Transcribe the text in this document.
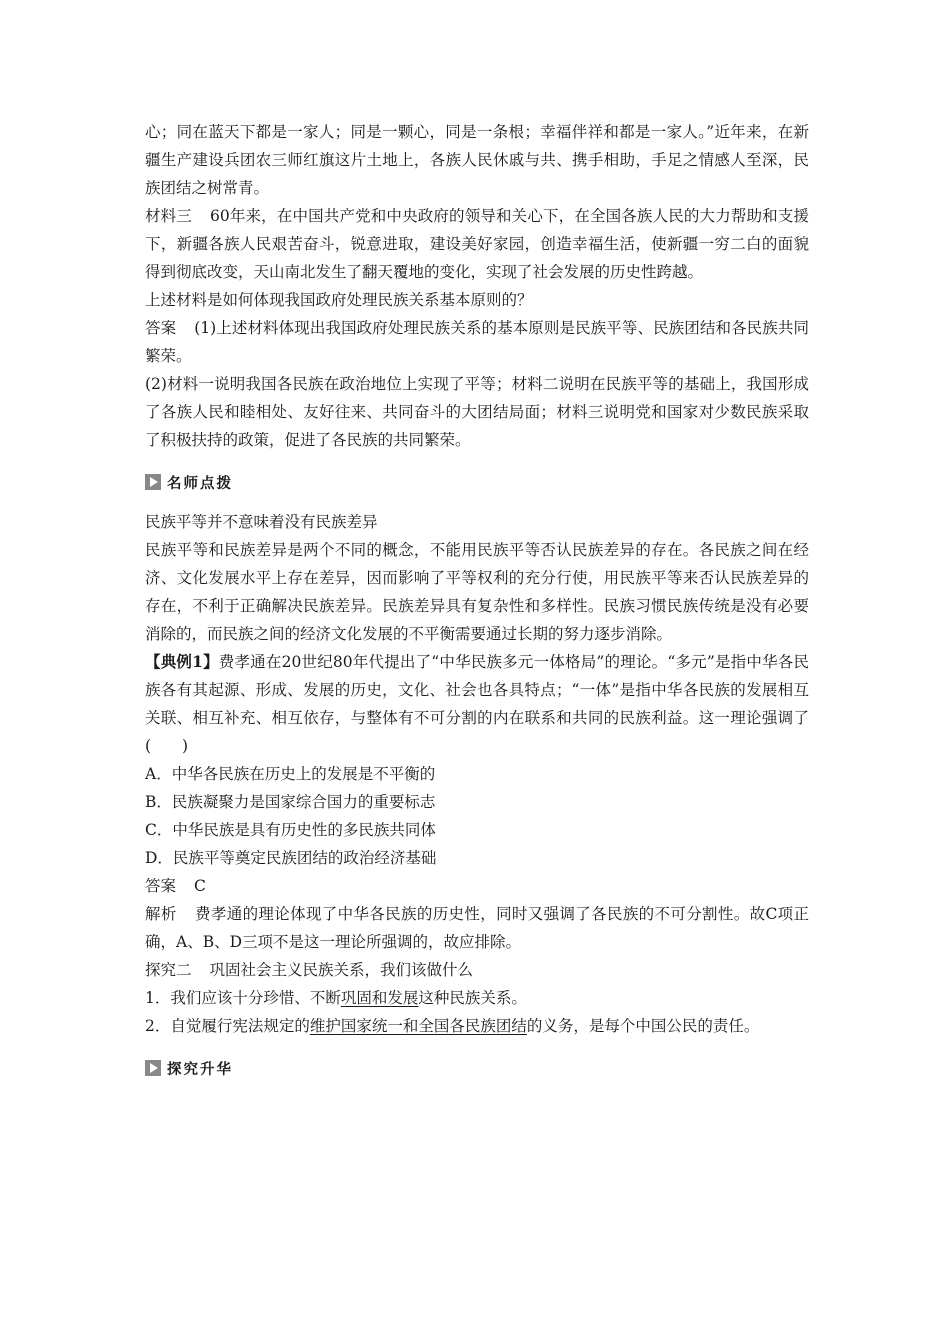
心；同在蓝天下都是一家人；同是一颗心，同是一条根；幸福伴祥和都是一家人。”近年来，在新疆生产建设兵团农三师红旗这片土地上，各族人民休戚与共、携手相助，手足之情感人至深，民族团结之树常青。

材料三 60年来，在中国共产党和中央政府的领导和关心下，在全国各族人民的大力帮助和支援下，新疆各族人民艰苦奋斗，锐意进取，建设美好家园，创造幸福生活，使新疆一穷二白的面貌得到彻底改变，天山南北发生了翻天覆地的变化，实现了社会发展的历史性跨越。

上述材料是如何体现我国政府处理民族关系基本原则的？

答案 (1)上述材料体现出我国政府处理民族关系的基本原则是民族平等、民族团结和各民族共同繁荣。

(2)材料一说明我国各民族在政治地位上实现了平等；材料二说明在民族平等的基础上，我国形成了各族人民和睦相处、友好往来、共同奋斗的大团结局面；材料三说明党和国家对少数民族采取了积极扶持的政策，促进了各民族的共同繁荣。

名师点拨

民族平等并不意味着没有民族差异

民族平等和民族差异是两个不同的概念，不能用民族平等否认民族差异的存在。各民族之间在经济、文化发展水平上存在差异，因而影响了平等权利的充分行使，用民族平等来否认民族差异的存在，不利于正确解决民族差异。民族差异具有复杂性和多样性。民族习惯民族传统是没有必要消除的，而民族之间的经济文化发展的不平衡需要通过长期的努力逐步消除。

【典例1】费孝通在20世纪80年代提出了“中华民族多元一体格局”的理论。“多元”是指中华各民族各有其起源、形成、发展的历史，文化、社会也各具特点；“一体”是指中华各民族的发展相互关联、相互补充、相互依存，与整体有不可分割的内在联系和共同的民族利益。这一理论强调了(　　)

A．中华各民族在历史上的发展是不平衡的

B．民族凝聚力是国家综合国力的重要标志

C．中华民族是具有历史性的多民族共同体

D．民族平等奠定民族团结的政治经济基础

答案 C

解析 费孝通的理论体现了中华各民族的历史性，同时又强调了各民族的不可分割性。故C项正确，A、B、D三项不是这一理论所强调的，故应排除。

探究二 巩固社会主义民族关系，我们该做什么

1．我们应该十分珍惜、不断巩固和发展这种民族关系。

2．自觉履行宪法规定的维护国家统一和全国各民族团结的义务，是每个中国公民的责任。

探究升华
